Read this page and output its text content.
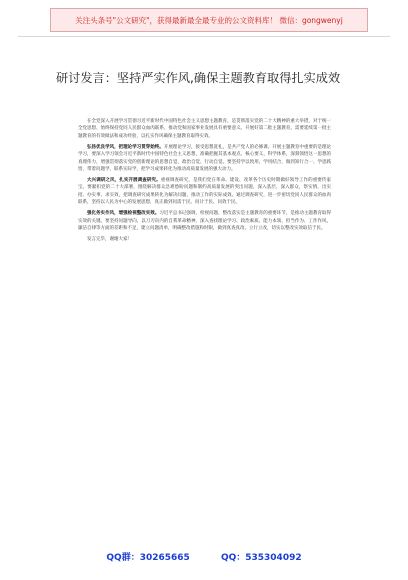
关注头条号"公文研究"，获得最新最全最专业的公文资料库！ 微信：gongwenyj
研讨发言：坚持严实作风,确保主题教育取得扎实成效

在全党深入开展学习贯彻习近平新时代中国特色社会主义思想主题教育，是贯彻落实党的二十大精神的重大举措，对于统一全党思想、始终保持党同人民群众血肉联系，推动党和国家事业发展具有重要意义。开展好第二批主题教育，需要延续第一批主题教育的有效做法和成功经验，以扎实作风确保主题教育取得实效。

弘扬优良学风，把理论学习贯穿始终。开展理论学习，接受思想洗礼，是共产党人的必修课。开展主题教育中重要的是理论学习，要深入学习领会习近平新时代中国特色社会主义思想，准确把握其基本观点、核心要义、科学体系，深刻领悟这一思想的真理伟力，增强贯彻落实党的创新理论的思想自觉、政治自觉、行动自觉。要坚持学以致用、学用结合，做到知行合一、学思践悟，带着问题学、联系实际学，把学习成果转化为推动高质量发展的强大动力。

大兴调研之风，扎实开展调查研究。重视调查研究，是我们党在革命、建设、改革各个历史时期做好领导工作的重要传家宝。要紧扣党的二十大部署，围绕解决群众急难愁盼问题和制约高质量发展的突出问题，深入基层、深入群众，察实情、出实招、办实事、求实效，把调查研究成果转化为解决问题、推动工作的实际成效。通过调查研究，进一步密切党同人民群众的血肉联系，坚持以人民为中心的发展思想，真正做到问需于民、问计于民、问效于民。

强化务实作风，增强检视整改实效。习近平总书记强调，检视问题、整改落实是主题教育的重要环节，是推动主题教育取得实效的关键。要坚持问题导向，以刀刃向内的自我革命精神，深入查找理论学习、政治素质、能力本领、担当作为、工作作风、廉洁自律等方面的差距和不足，建立问题清单，明确整改措施和时限，做到真查真改、立行立改，切实以整改实效取信于民。

发言完毕，谢谢大家！

QQ群：30265665	QQ：535304092
